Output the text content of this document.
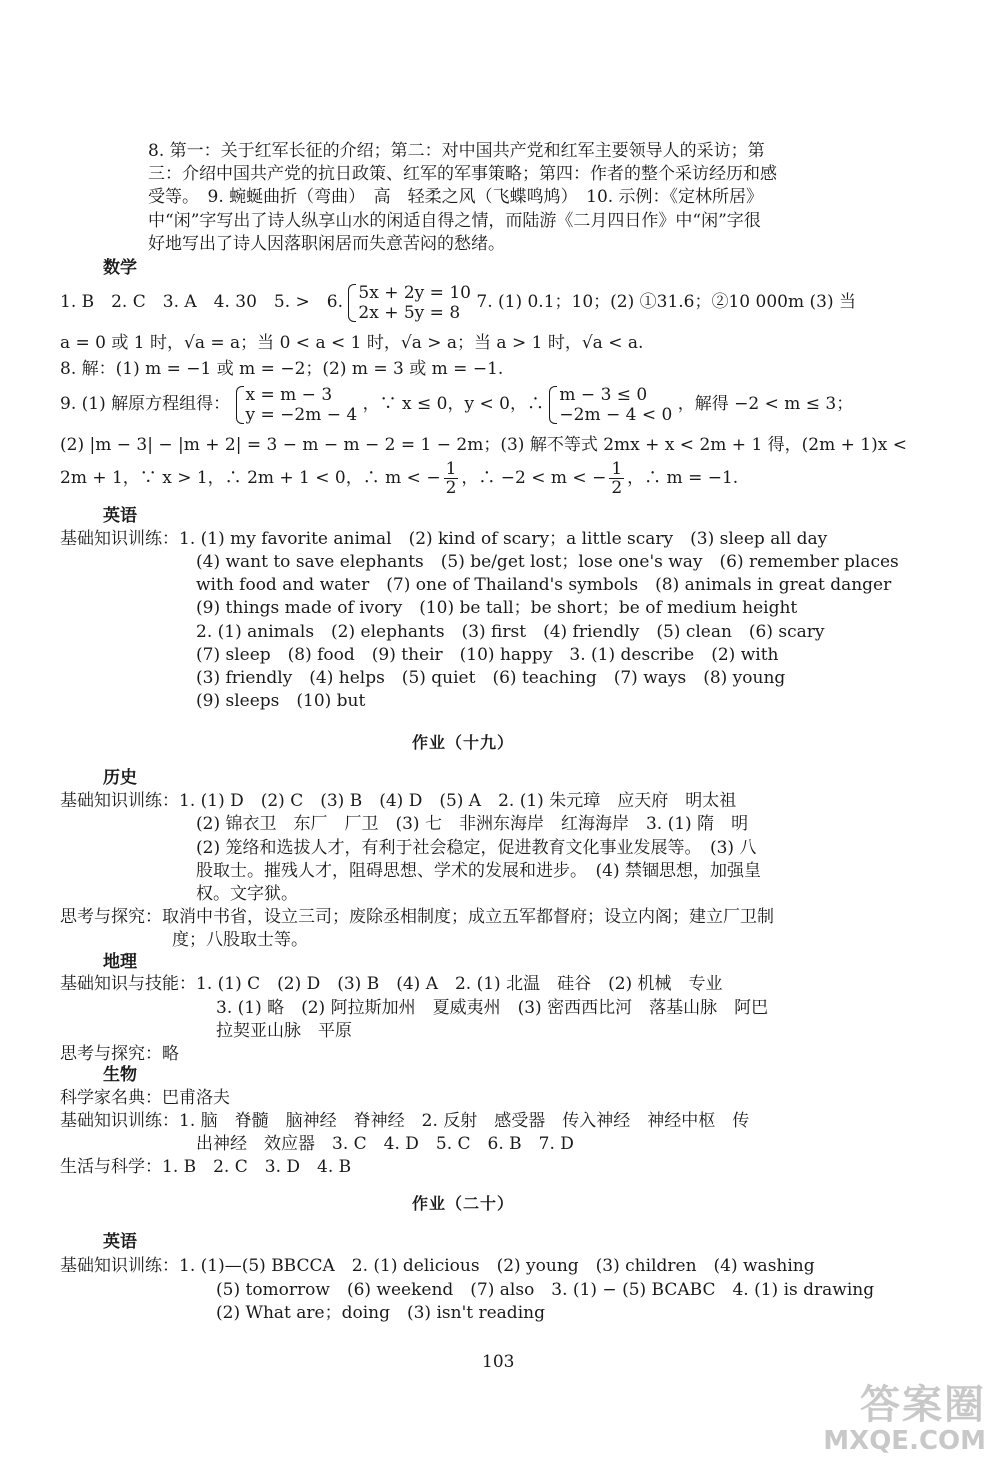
8. 第一：关于红军长征的介绍；第二：对中国共产党和红军主要领导人的采访；第
三：介绍中国共产党的抗日政策、红军的军事策略；第四：作者的整个采访经历和感
受等。　9. 蜿蜒曲折（弯曲）　高　轻柔之风（飞蝶鸣鸠）　10. 示例：《定林所居》
中“闲”字写出了诗人纵享山水的闲适自得之情，而陆游《二月四日作》中“闲”字很
好地写出了诗人因落职闲居而失意苦闷的愁绪。
数学
1. B　2. C　3. A　4. 30　5. >　6. 5x + 2y = 10
2x + 5y = 8
7. (1) 0.1；10；(2) ①31.6；②10 000m (3) 当
a = 0 或 1 时，√a = a；当 0 < a < 1 时，√a > a；当 a > 1 时，√a < a.
8. 解：(1) m = −1 或 m = −2；(2) m = 3 或 m = −1.
9. (1) 解原方程组得： x = m − 3
y = −2m − 4
，∵ x ≤ 0，y < 0，∴ m − 3 ≤ 0
−2m − 4 < 0
，解得 −2 < m ≤ 3；
(2) |m − 3| − |m + 2| = 3 − m − m − 2 = 1 − 2m；(3) 解不等式 2mx + x < 2m + 1 得，(2m + 1)x <
2m + 1，∵ x > 1，∴ 2m + 1 < 0，∴ m < − $\frac{1}{2}$ ，∴ −2 < m < − $\frac{1}{2}$ ，∴ m = −1.
英语
基础知识训练：1. (1) my favorite animal　(2) kind of scary；a little scary　(3) sleep all day
(4) want to save elephants　(5) be/get lost；lose one's way　(6) remember places
with food and water　(7) one of Thailand's symbols　(8) animals in great danger
(9) things made of ivory　(10) be tall；be short；be of medium height
2. (1) animals　(2) elephants　(3) first　(4) friendly　(5) clean　(6) scary
(7) sleep　(8) food　(9) their　(10) happy　3. (1) describe　(2) with
(3) friendly　(4) helps　(5) quiet　(6) teaching　(7) ways　(8) young
(9) sleeps　(10) but
作业（十九）
历史
基础知识训练：1. (1) D　(2) C　(3) B　(4) D　(5) A　2. (1) 朱元璋　应天府　明太祖
(2) 锦衣卫　东厂　厂卫　(3) 七　非洲东海岸　红海海岸　3. (1) 隋　明
(2) 笼络和选拔人才，有利于社会稳定，促进教育文化事业发展等。　(3) 八
股取士。摧残人才，阻碍思想、学术的发展和进步。　(4) 禁锢思想，加强皇
权。文字狱。
思考与探究：取消中书省，设立三司；废除丞相制度；成立五军都督府；设立内阁；建立厂卫制
度；八股取士等。
地理
基础知识与技能：1. (1) C　(2) D　(3) B　(4) A　2. (1) 北温　硅谷　(2) 机械　专业
3. (1) 略　(2) 阿拉斯加州　夏威夷州　(3) 密西西比河　落基山脉　阿巴
拉契亚山脉　平原
思考与探究：略
生物
科学家名典：巴甫洛夫
基础知识训练：1. 脑　脊髓　脑神经　脊神经　2. 反射　感受器　传入神经　神经中枢　传
出神经　效应器　3. C　4. D　5. C　6. B　7. D
生活与科学：1. B　2. C　3. D　4. B
作业（二十）
英语
基础知识训练：1. (1)—(5) BBCCA　2. (1) delicious　(2) young　(3) children　(4) washing
(5) tomorrow　(6) weekend　(7) also　3. (1) − (5) BCABC　4. (1) is drawing
(2) What are；doing　(3) isn't reading
103
答案圈
MXQE.COM
